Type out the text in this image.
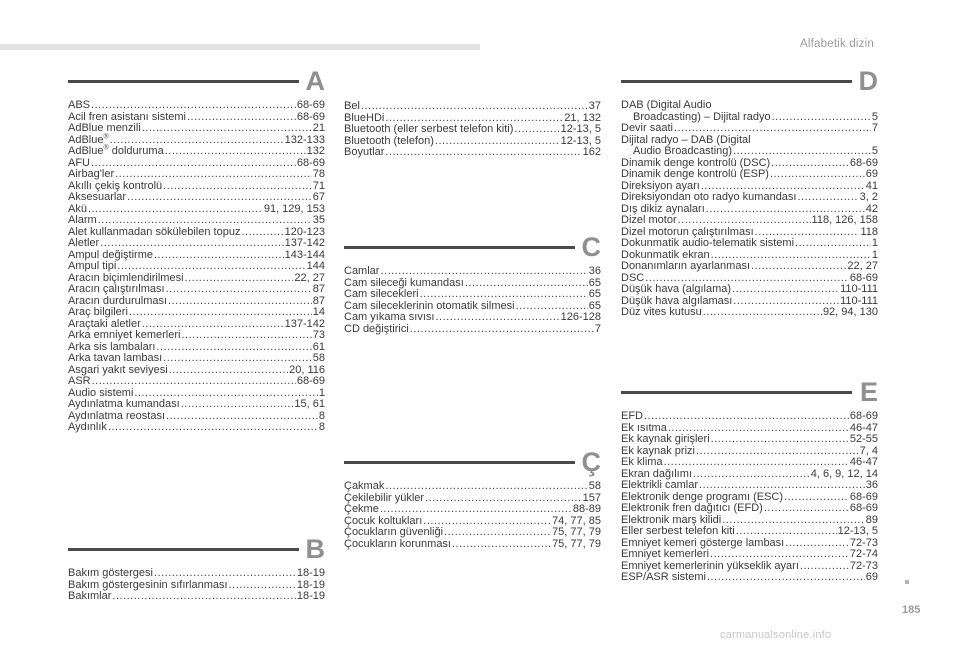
Alfabetik dizin
A
ABS .....	68-69
Acil fren asistanı sistemi .....	68-69
AdBlue menzili .....	21
AdBlue® .....	132-133
AdBlue® dolduruma .....	132
AFU .....	68-69
Airbag'ler .....	78
Akıllı çekiş kontrolü .....	71
Aksesuarlar .....	67
Akü .....	91, 129, 153
Alarm .....	35
Alet kullanmadan sökülebilen topuz .....	120-123
Aletler .....	137-142
Ampul değiştirme .....	143-144
Ampul tipi .....	144
Aracın biçimlendirilmesi .....	22, 27
Aracın çalıştırılması .....	87
Aracın durdurulması .....	87
Araç bilgileri .....	14
Araçtaki aletler .....	137-142
Arka emniyet kemerleri .....	73
Arka sis lambaları .....	61
Arka tavan lambası .....	58
Asgari yakıt seviyesi .....	20, 116
ASR .....	68-69
Audio sistemi .....	1
Aydınlatma kumandası .....	15, 61
Aydınlatma reostası .....	8
Aydınlık .....	8
B
Bakım göstergesi .....	18-19
Bakım göstergesinin sıfırlanması .....	18-19
Bakımlar .....	18-19
Bel .....	37
BlueHDi .....	21, 132
Bluetooth (eller serbest telefon kiti) .....	12-13, 5
Bluetooth (telefon) .....	12-13, 5
Boyutlar .....	162
C
Camlar .....	36
Cam sileceği kumandası .....	65
Cam silecekleri .....	65
Cam sileceklerinin otomatik silmesi .....	65
Cam yıkama sıvısı .....	126-128
CD değiştirici .....	7
Ç
Çakmak .....	58
Çekilebilir yükler .....	157
Çekme .....	88-89
Çocuk koltukları .....	74, 77, 85
Çocukların güvenliği .....	75, 77, 79
Çocukların korunması .....	75, 77, 79
D
DAB (Digital Audio
Broadcasting) – Dijital radyo .....	5
Devir saati .....	7
Dijital radyo – DAB (Digital
Audio Broadcasting) .....	5
Dinamik denge kontrolü (DSC) .....	68-69
Dinamik denge kontrolü (ESP) .....	69
Direksiyon ayarı .....	41
Direksiyondan oto radyo kumandası .....	3, 2
Dış dikiz aynaları .....	42
Dizel motor .....	118, 126, 158
Dizel motorun çalıştırılması .....	118
Dokunmatik audio-telematik sistemi .....	1
Dokunmatik ekran .....	1
Donanımların ayarlanması .....	22, 27
DSC .....	68-69
Düşük hava (algılama) .....	110-111
Düşük hava algılaması .....	110-111
Düz vites kutusu .....	92, 94, 130
E
EFD .....	68-69
Ek ısıtma .....	46-47
Ek kaynak girişleri .....	52-55
Ek kaynak prizi .....	7, 4
Ek klima .....	46-47
Ekran dağılımı .....	4, 6, 9, 12, 14
Elektrikli camlar .....	36
Elektronik denge programı (ESC) .....	68-69
Elektronik fren dağıtıcı (EFD) .....	68-69
Elektronik marş kilidi .....	89
Eller serbest telefon kiti .....	12-13, 5
Emniyet kemeri gösterge lambası .....	72-73
Emniyet kemerleri .....	72-74
Emniyet kemerlerinin yüksеklik ayarı .....	72-73
ESP/ASR sistemi .....	69
185
carmanualsonline.info
